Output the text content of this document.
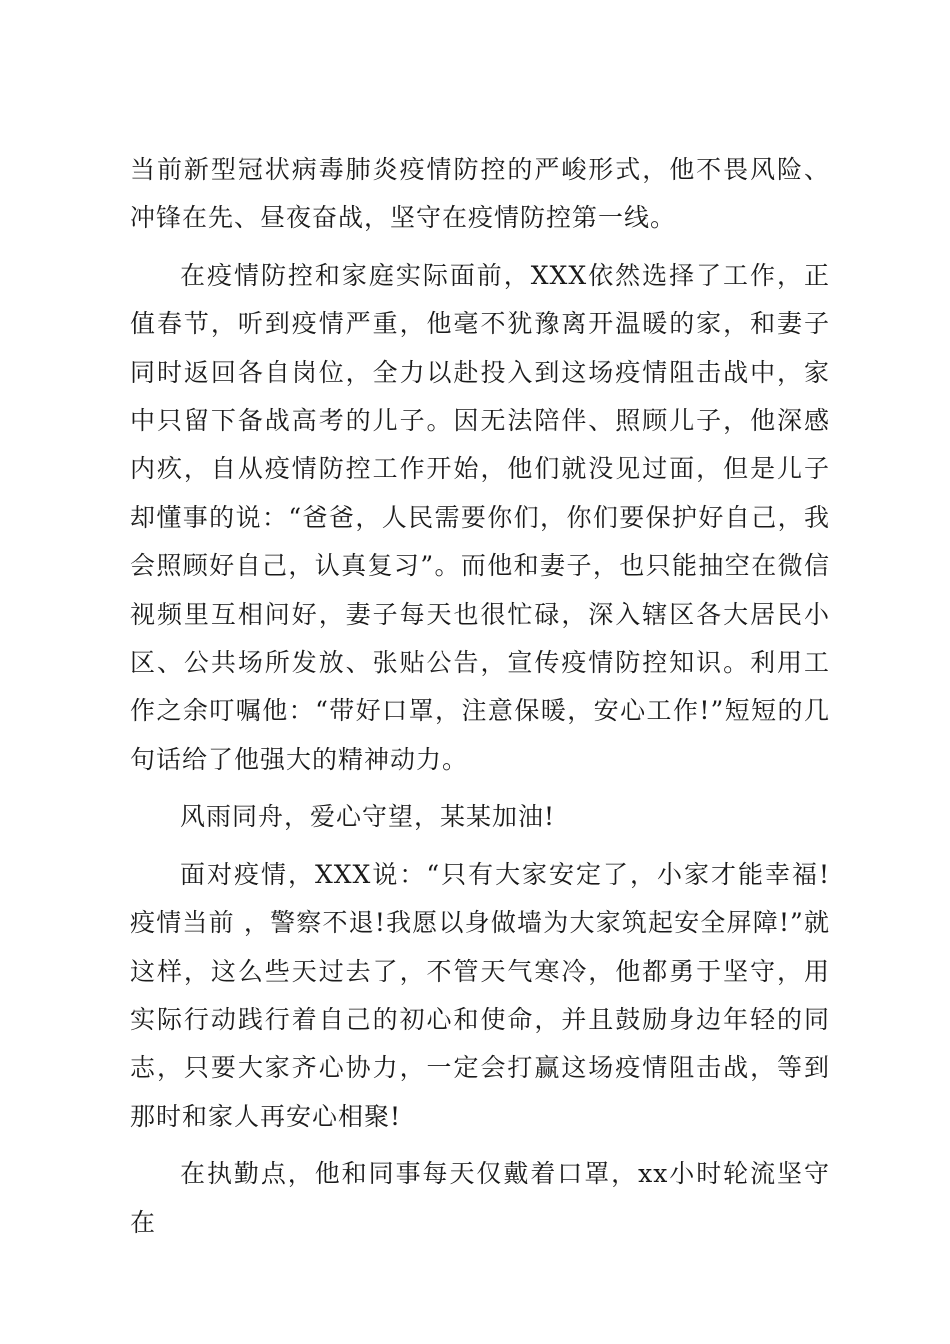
当前新型冠状病毒肺炎疫情防控的严峻形式，他不畏风险、冲锋在先、昼夜奋战，坚守在疫情防控第一线。

在疫情防控和家庭实际面前，XXX依然选择了工作，正值春节，听到疫情严重，他毫不犹豫离开温暖的家，和妻子同时返回各自岗位，全力以赴投入到这场疫情阻击战中，家中只留下备战高考的儿子。因无法陪伴、照顾儿子，他深感内疚，自从疫情防控工作开始，他们就没见过面，但是儿子却懂事的说：“爸爸，人民需要你们，你们要保护好自己，我会照顾好自己，认真复习”。而他和妻子，也只能抽空在微信视频里互相问好，妻子每天也很忙碌，深入辖区各大居民小区、公共场所发放、张贴公告，宣传疫情防控知识。利用工作之余叮嘱他：“带好口罩，注意保暖，安心工作!”短短的几句话给了他强大的精神动力。

风雨同舟，爱心守望，某某加油!

面对疫情，XXX说：“只有大家安定了，小家才能幸福!疫情当前 ，警察不退!我愿以身做墙为大家筑起安全屏障!”就这样，这么些天过去了，不管天气寒冷，他都勇于坚守，用实际行动践行着自己的初心和使命，并且鼓励身边年轻的同志，只要大家齐心协力，一定会打赢这场疫情阻击战，等到那时和家人再安心相聚!

在执勤点，他和同事每天仅戴着口罩，xx小时轮流坚守在
